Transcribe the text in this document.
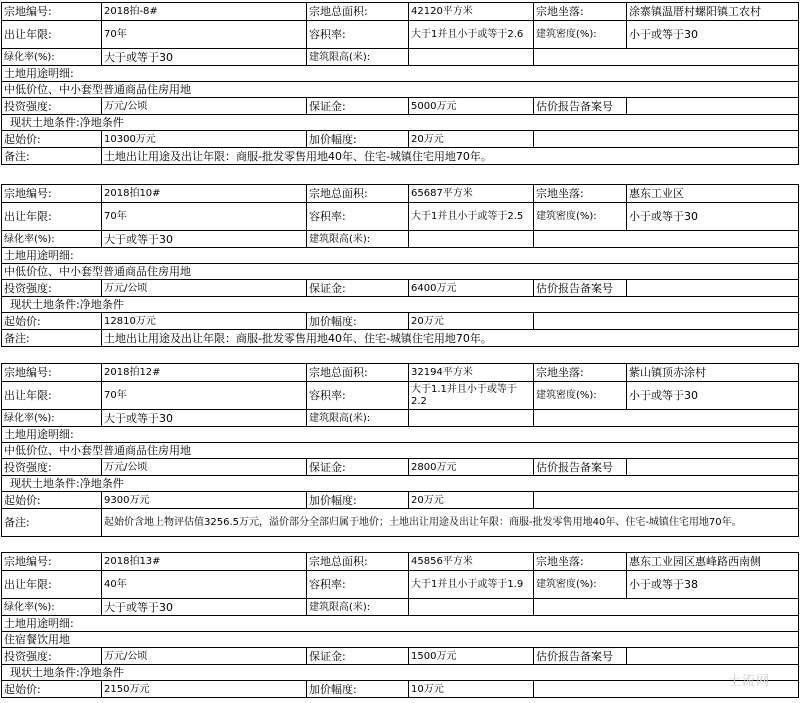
宗地编号:	2018拍-8#	宗地总面积:	42120平方米	宗地坐落:	涂寨镇温厝村螺阳镇工农村
出让年限:	70年	容积率:	大于1并且小于或等于2.6	建筑密度(%):	小于或等于30
绿化率(%):	大于或等于30	建筑限高(米):			
土地用途明细:					
中低价位、中小套型普通商品住房用地					
投资强度:	万元/公顷	保证金:	5000万元	估价报告备案号	
现状土地条件:净地条件					
起始价:	10300万元	加价幅度:	20万元		
备注:	土地出让用途及出让年限：商服-批发零售用地40年、住宅-城镇住宅用地70年。				
宗地编号:	2018拍10#	宗地总面积:	65687平方米	宗地坐落:	惠东工业区
出让年限:	70年	容积率:	大于1并且小于或等于2.5	建筑密度(%):	小于或等于30
绿化率(%):	大于或等于30	建筑限高(米):			
土地用途明细:					
中低价位、中小套型普通商品住房用地					
投资强度:	万元/公顷	保证金:	6400万元	估价报告备案号	
现状土地条件:净地条件					
起始价:	12810万元	加价幅度:	20万元		
备注:	土地出让用途及出让年限：商服-批发零售用地40年、住宅-城镇住宅用地70年。				
宗地编号:	2018拍12#	宗地总面积:	32194平方米	宗地坐落:	紫山镇顶赤涂村
出让年限:	70年	容积率:	大于1.1并且小于或等于2.2	建筑密度(%):	小于或等于30
绿化率(%):	大于或等于30	建筑限高(米):			
土地用途明细:					
中低价位、中小套型普通商品住房用地					
投资强度:	万元/公顷	保证金:	2800万元	估价报告备案号	
现状土地条件:净地条件					
起始价:	9300万元	加价幅度:	20万元		
备注:	起始价含地上物评估值3256.5万元，溢价部分全部归属于地价；土地出让用途及出让年限：商服-批发零售用地40年、住宅-城镇住宅用地70年。				
宗地编号:	2018拍13#	宗地总面积:	45856平方米	宗地坐落:	惠东工业园区惠峰路西南侧
出让年限:	40年	容积率:	大于1并且小于或等于1.9	建筑密度(%):	小于或等于38
绿化率(%):	大于或等于30	建筑限高(米):			
土地用途明细:					
住宿餐饮用地					
投资强度:	万元/公顷	保证金:	1500万元	估价报告备案号	
现状土地条件:净地条件					
起始价:	2150万元	加价幅度:	10万元			土流网
